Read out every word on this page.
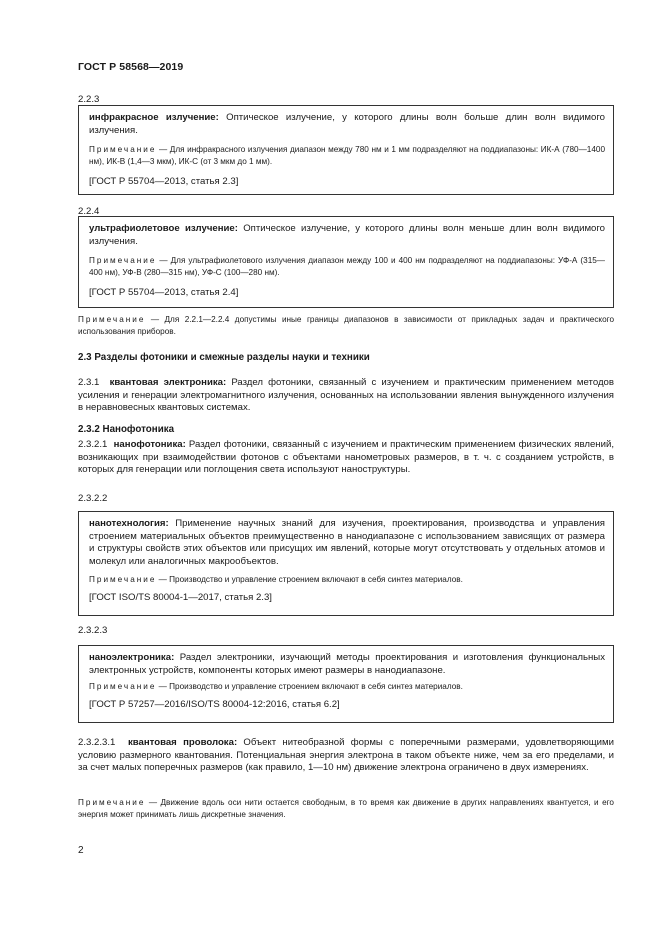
ГОСТ Р 58568—2019
2.2.3
инфракрасное излучение: Оптическое излучение, у которого длины волн больше длин волн видимого излучения.
Примечание — Для инфракрасного излучения диапазон между 780 нм и 1 мм подразделяют на поддиапазоны: ИК-А (780—1400 нм), ИК-В (1,4—3 мкм), ИК-С (от 3 мкм до 1 мм).
[ГОСТ Р 55704—2013, статья 2.3]
2.2.4
ультрафиолетовое излучение: Оптическое излучение, у которого длины волн меньше длин волн видимого излучения.
Примечание — Для ультрафиолетового излучения диапазон между 100 и 400 нм подразделяют на поддиапазоны: УФ-А (315—400 нм), УФ-В (280—315 нм), УФ-С (100—280 нм).
[ГОСТ Р 55704—2013, статья 2.4]
Примечание — Для 2.2.1—2.2.4 допустимы иные границы диапазонов в зависимости от прикладных задач и практического использования приборов.
2.3 Разделы фотоники и смежные разделы науки и техники
2.3.1 квантовая электроника: Раздел фотоники, связанный с изучением и практическим применением методов усиления и генерации электромагнитного излучения, основанных на использовании явления вынужденного излучения в неравновесных квантовых системах.
2.3.2 Нанофотоника
2.3.2.1 нанофотоника: Раздел фотоники, связанный с изучением и практическим применением физических явлений, возникающих при взаимодействии фотонов с объектами нанометровых размеров, в т. ч. с созданием устройств, в которых для генерации или поглощения света используют наноструктуры.
2.3.2.2
нанотехнология: Применение научных знаний для изучения, проектирования, производства и управления строением материальных объектов преимущественно в нанодиапазоне с использованием зависящих от размера и структуры свойств этих объектов или присущих им явлений, которые могут отсутствовать у отдельных атомов и молекул или аналогичных макрообъектов.
Примечание — Производство и управление строением включают в себя синтез материалов.
[ГОСТ ISO/TS 80004-1—2017, статья 2.3]
2.3.2.3
наноэлектроника: Раздел электроники, изучающий методы проектирования и изготовления функциональных электронных устройств, компоненты которых имеют размеры в нанодиапазоне.
Примечание — Производство и управление строением включают в себя синтез материалов.
[ГОСТ Р 57257—2016/ISO/TS 80004-12:2016, статья 6.2]
2.3.2.3.1 квантовая проволока: Объект нитеобразной формы с поперечными размерами, удовлетворяющими условию размерного квантования. Потенциальная энергия электрона в таком объекте ниже, чем за его пределами, и за счет малых поперечных размеров (как правило, 1—10 нм) движение электрона ограничено в двух измерениях.
Примечание — Движение вдоль оси нити остается свободным, в то время как движение в других направлениях квантуется, и его энергия может принимать лишь дискретные значения.
2
